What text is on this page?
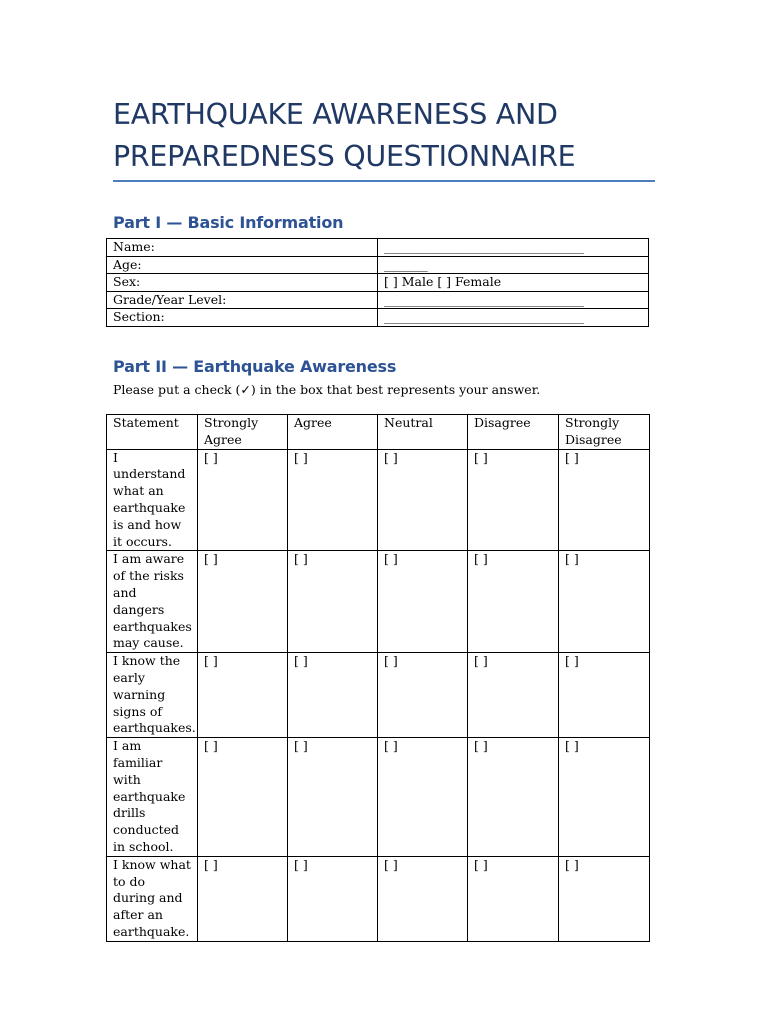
EARTHQUAKE AWARENESS AND
PREPAREDNESS QUESTIONNAIRE
Part I — Basic Information
Name:	________________________________
Age:	_______
Sex:	[ ] Male [ ] Female
Grade/Year Level:	________________________________
Section:	________________________________
Part II — Earthquake Awareness
Please put a check (✓) in the box that best represents your answer.
Statement	Strongly Agree	Agree	Neutral	Disagree	Strongly Disagree
I understand what an earthquake is and how it occurs.	[ ]	[ ]	[ ]	[ ]	[ ]
I am aware of the risks and dangers earthquakes may cause.	[ ]	[ ]	[ ]	[ ]	[ ]
I know the early warning signs of earthquakes.	[ ]	[ ]	[ ]	[ ]	[ ]
I am familiar with earthquake drills conducted in school.	[ ]	[ ]	[ ]	[ ]	[ ]
I know what to do during and after an earthquake.	[ ]	[ ]	[ ]	[ ]	[ ]
